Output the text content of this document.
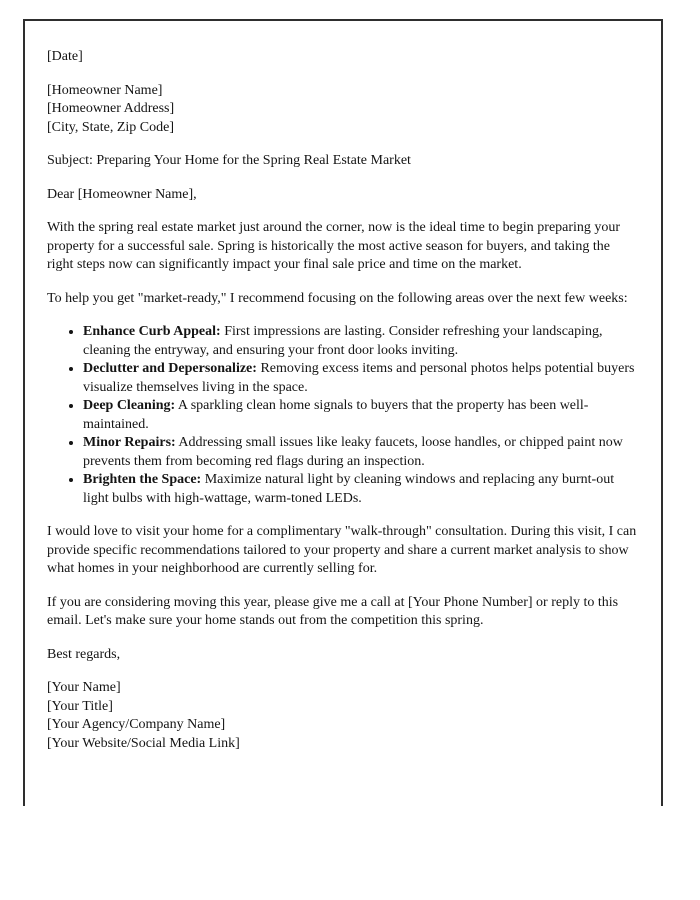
[Date]

[Homeowner Name]
[Homeowner Address]
[City, State, Zip Code]

Subject: Preparing Your Home for the Spring Real Estate Market

Dear [Homeowner Name],

With the spring real estate market just around the corner, now is the ideal time to begin preparing your property for a successful sale. Spring is historically the most active season for buyers, and taking the right steps now can significantly impact your final sale price and time on the market.

To help you get "market-ready," I recommend focusing on the following areas over the next few weeks:

• Enhance Curb Appeal: First impressions are lasting. Consider refreshing your landscaping, cleaning the entryway, and ensuring your front door looks inviting.
• Declutter and Depersonalize: Removing excess items and personal photos helps potential buyers visualize themselves living in the space.
• Deep Cleaning: A sparkling clean home signals to buyers that the property has been well-maintained.
• Minor Repairs: Addressing small issues like leaky faucets, loose handles, or chipped paint now prevents them from becoming red flags during an inspection.
• Brighten the Space: Maximize natural light by cleaning windows and replacing any burnt-out light bulbs with high-wattage, warm-toned LEDs.

I would love to visit your home for a complimentary "walk-through" consultation. During this visit, I can provide specific recommendations tailored to your property and share a current market analysis to show what homes in your neighborhood are currently selling for.

If you are considering moving this year, please give me a call at [Your Phone Number] or reply to this email. Let's make sure your home stands out from the competition this spring.

Best regards,

[Your Name]
[Your Title]
[Your Agency/Company Name]
[Your Website/Social Media Link]
